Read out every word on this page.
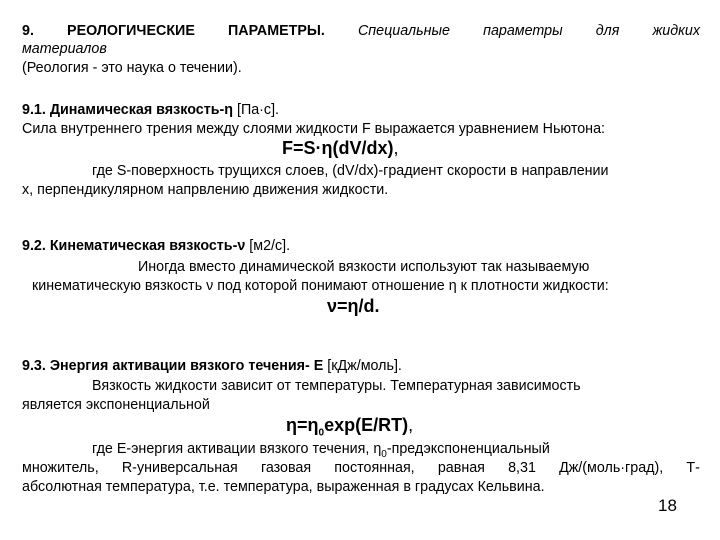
9. РЕОЛОГИЧЕСКИЕ ПАРАМЕТРЫ. Специальные параметры для жидких
материалов
(Реология - это наука о течении).
9.1. Динамическая вязкость-η [Па·с].
Сила внутреннего трения между слоями жидкости F выражается уравнением Ньютона:
F=S·η(dV/dx),
где S-поверхность трущихся слоев, (dV/dx)-градиент скорости в направлении
х, перпендикулярном напрвлению движения жидкости.
9.2. Кинематическая вязкость-ν [м2/с].
Иногда вместо динамической вязкости используют так называемую
кинематическую вязкость ν под которой понимают отношение η к плотности жидкости:
ν=η/d.
9.3. Энергия активации вязкого течения- Е [кДж/моль].
Вязкость жидкости зависит от температуры. Температурная зависимость
является экспоненциальной
$\eta=\eta_0\exp(E/RT)$,
где Е-энергия активации вязкого течения, $\eta_0$-предэкспоненциальный
множитель, R-универсальная газовая постоянная, равная 8,31 Дж/(моль·град), Т-
абсолютная температура, т.е. температура, выраженная в градусах Кельвина.
18
